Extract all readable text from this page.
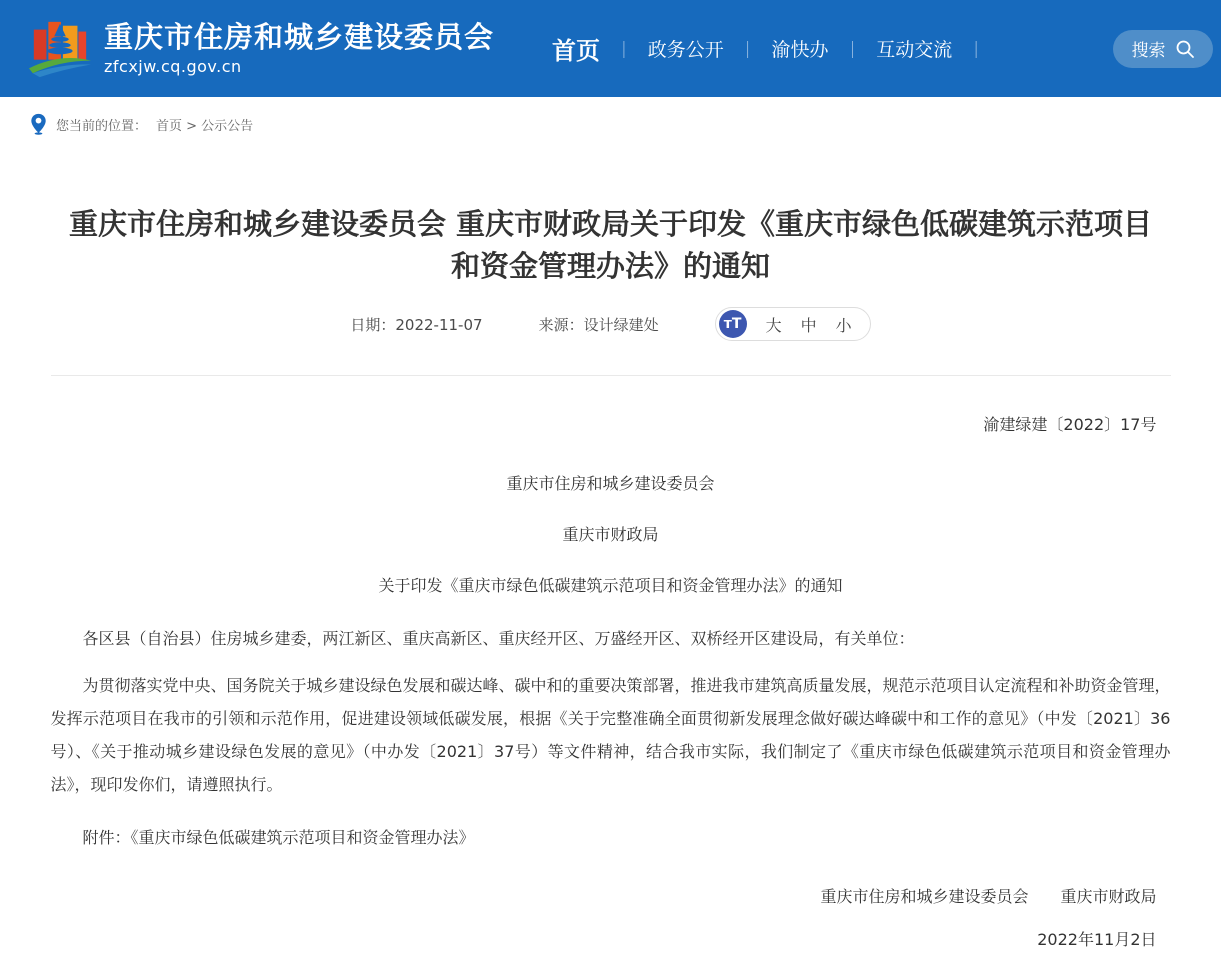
重庆市住房和城乡建设委员会
zfcxjw.cq.gov.cn
首页 | 政务公开 | 渝快办 | 互动交流 |	搜索
您当前的位置： 首页 > 公示公告
重庆市住房和城乡建设委员会 重庆市财政局关于印发《重庆市绿色低碳建筑示范项目和资金管理办法》的通知
日期：2022-11-07	来源：设计绿建处	тT	大 中 小

渝建绿建〔2022〕17号

重庆市住房和城乡建设委员会

重庆市财政局

关于印发《重庆市绿色低碳建筑示范项目和资金管理办法》的通知

各区县（自治县）住房城乡建委，两江新区、重庆高新区、重庆经开区、万盛经开区、双桥经开区建设局，有关单位：

为贯彻落实党中央、国务院关于城乡建设绿色发展和碳达峰、碳中和的重要决策部署，推进我市建筑高质量发展，规范示范项目认定流程和补助资金管理，发挥示范项目在我市的引领和示范作用，促进建设领域低碳发展，根据《关于完整准确全面贯彻新发展理念做好碳达峰碳中和工作的意见》（中发〔2021〕36号）、《关于推动城乡建设绿色发展的意见》（中办发〔2021〕37号）等文件精神，结合我市实际，我们制定了《重庆市绿色低碳建筑示范项目和资金管理办法》，现印发你们，请遵照执行。

附件：《重庆市绿色低碳建筑示范项目和资金管理办法》

重庆市住房和城乡建设委员会　　重庆市财政局

2022年11月2日
